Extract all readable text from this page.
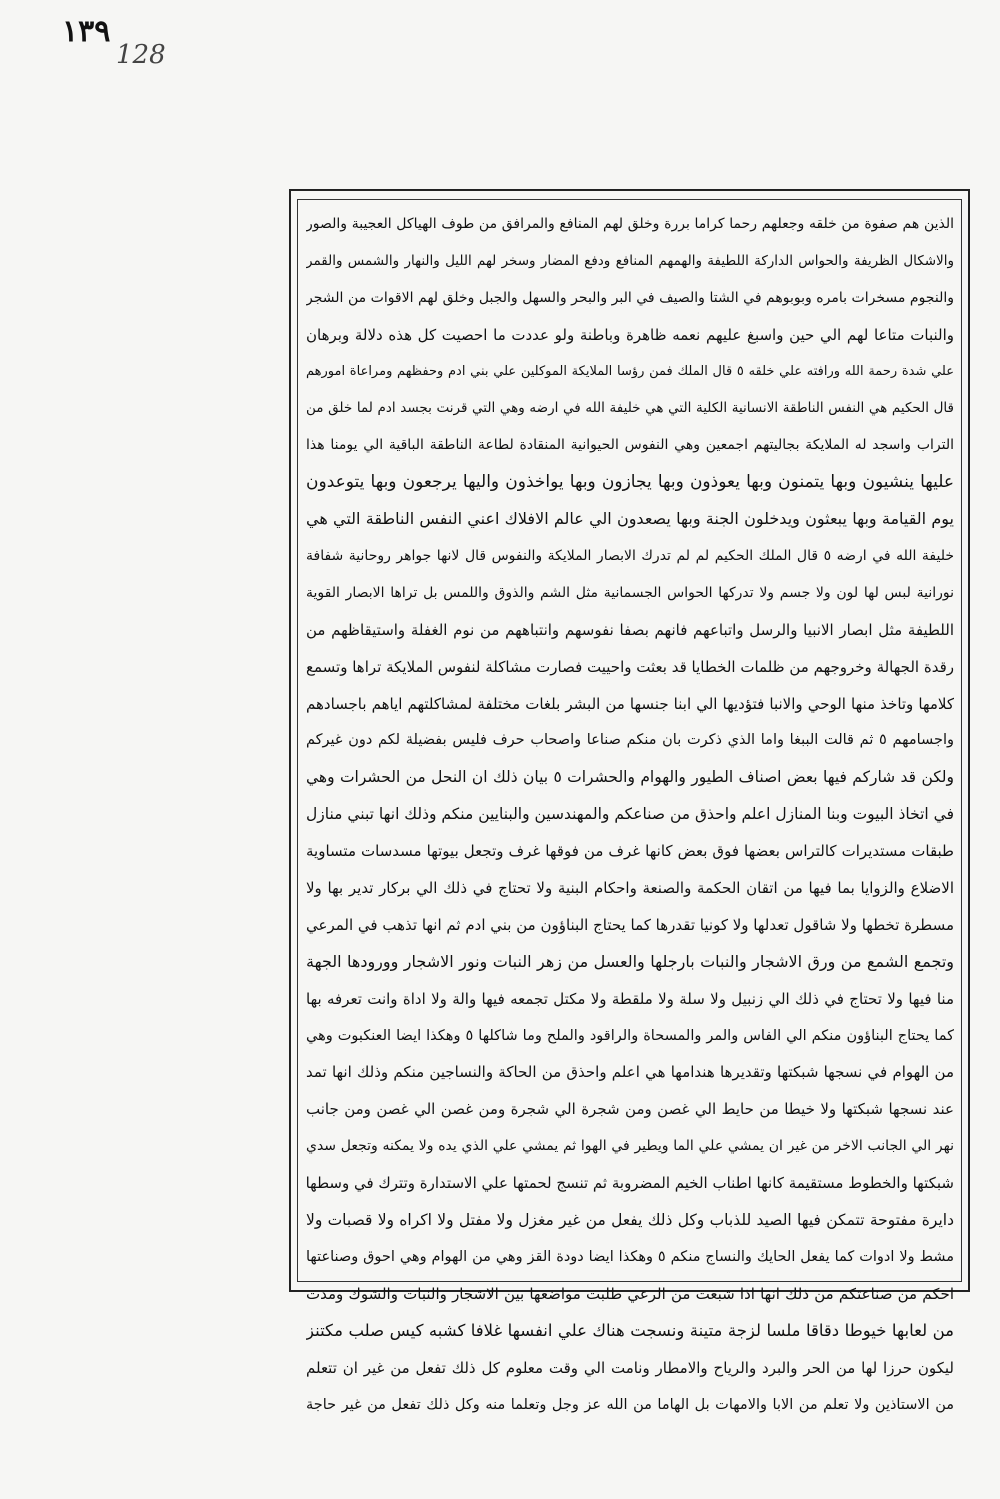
١٣٩
128
الذين هم صفوة من خلقه وجعلهم رحما كراما بررة وخلق لهم المنافع والمرافق من طوف الهياكل العجيبة والصور
والاشكال الظريفة والحواس الداركة اللطيفة والهمهم المنافع ودفع المضار وسخر لهم الليل والنهار والشمس والقمر
والنجوم مسخرات بامره وبوبوهم في الشتا والصيف في البر والبحر والسهل والجبل وخلق لهم الاقوات من الشجر
والنبات متاعا لهم الي حين واسبغ عليهم نعمه ظاهرة وباطنة ولو عددت ما احصيت كل هذه دلالة وبرهان
علي شدة رحمة الله ورافته علي خلقه ٥ قال الملك فمن رؤسا الملايكة الموكلين علي بني ادم وحفظهم ومراعاة امورهم
قال الحكيم هي النفس الناطقة الانسانية الكلية التي هي خليفة الله في ارضه وهي التي قرنت بجسد ادم لما خلق من
التراب واسجد له الملايكة بجاليتهم اجمعين وهي النفوس الحيوانية المنقادة لطاعة الناطقة الباقية الي يومنا هذا
عليها ينشيون وبها يتمنون وبها يعوذون وبها يجازون وبها يواخذون واليها يرجعون وبها يتوعدون
يوم القيامة وبها يبعثون ويدخلون الجنة وبها يصعدون الي عالم الافلاك اعني النفس الناطقة التي هي
خليفة الله في ارضه ٥ قال الملك الحكيم لم لم تدرك الابصار الملايكة والنفوس قال لانها جواهر روحانية شفافة
نورانية لبس لها لون ولا جسم ولا تدركها الحواس الجسمانية مثل الشم والذوق واللمس بل تراها الابصار القوية
اللطيفة مثل ابصار الانبيا والرسل واتباعهم فانهم بصفا نفوسهم وانتباههم من نوم الغفلة واستيقاظهم من
رقدة الجهالة وخروجهم من ظلمات الخطايا قد بعثت واحييت فصارت مشاكلة لنفوس الملايكة تراها وتسمع
كلامها وتاخذ منها الوحي والانبا فتؤديها الي ابنا جنسها من البشر بلغات مختلفة لمشاكلتهم اياهم باجسادهم
واجسامهم ٥ ثم قالت الببغا واما الذي ذكرت بان منكم صناعا واصحاب حرف فليس بفضيلة لكم دون غيركم
ولكن قد شاركم فيها بعض اصناف الطيور والهوام والحشرات ٥ بيان ذلك ان النحل من الحشرات وهي
في اتخاذ البيوت وبنا المنازل اعلم واحذق من صناعكم والمهندسين والبنايين منكم وذلك انها تبني منازل
طبقات مستديرات كالتراس بعضها فوق بعض كانها غرف من فوقها غرف وتجعل بيوتها مسدسات متساوية
الاضلاع والزوايا بما فيها من اتقان الحكمة والصنعة واحكام البنية ولا تحتاج في ذلك الي بركار تدير بها ولا
مسطرة تخطها ولا شاقول تعدلها ولا كونيا تقدرها كما يحتاج البناؤون من بني ادم ثم انها تذهب في المرعي
وتجمع الشمع من ورق الاشجار والنبات بارجلها والعسل من زهر النبات ونور الاشجار وورودها الجهة
منا فيها ولا تحتاج في ذلك الي زنبيل ولا سلة ولا ملقطة ولا مكتل تجمعه فيها والة ولا اداة وانت تعرفه بها
كما يحتاج البناؤون منكم الي الفاس والمر والمسحاة والراقود والملح وما شاكلها ٥ وهكذا ايضا العنكبوت وهي
من الهوام في نسجها شبكتها وتقديرها هندامها هي اعلم واحذق من الحاكة والنساجين منكم وذلك انها تمد
عند نسجها شبكتها ولا خيطا من حايط الي غصن ومن شجرة الي شجرة ومن غصن الي غصن ومن جانب
نهر الي الجانب الاخر من غير ان يمشي علي الما ويطير في الهوا ثم يمشي علي الذي يده ولا يمكنه وتجعل سدي
شبكتها والخطوط مستقيمة كانها اطناب الخيم المضروبة ثم تنسج لحمتها علي الاستدارة وتترك في وسطها
دايرة مفتوحة تتمكن فيها الصيد للذباب وكل ذلك يفعل من غير مغزل ولا مفتل ولا اكراه ولا قصبات ولا
مشط ولا ادوات كما يفعل الحايك والنساج منكم ٥ وهكذا ايضا دودة القز وهي من الهوام وهي احوق وصناعتها
احكم من صناعتكم من ذلك انها اذا شبعت من الرعي طلبت مواضعها بين الاشجار والنبات والشوك ومدت
من لعابها خيوطا دقاقا ملسا لزجة متينة ونسجت هناك علي انفسها غلافا كشبه كيس صلب مكتنز
ليكون حرزا لها من الحر والبرد والرياح والامطار ونامت الي وقت معلوم كل ذلك تفعل من غير ان تتعلم
من الاستاذين ولا تعلم من الابا والامهات بل الهاما من الله عز وجل وتعلما منه وكل ذلك تفعل من غير حاجة
